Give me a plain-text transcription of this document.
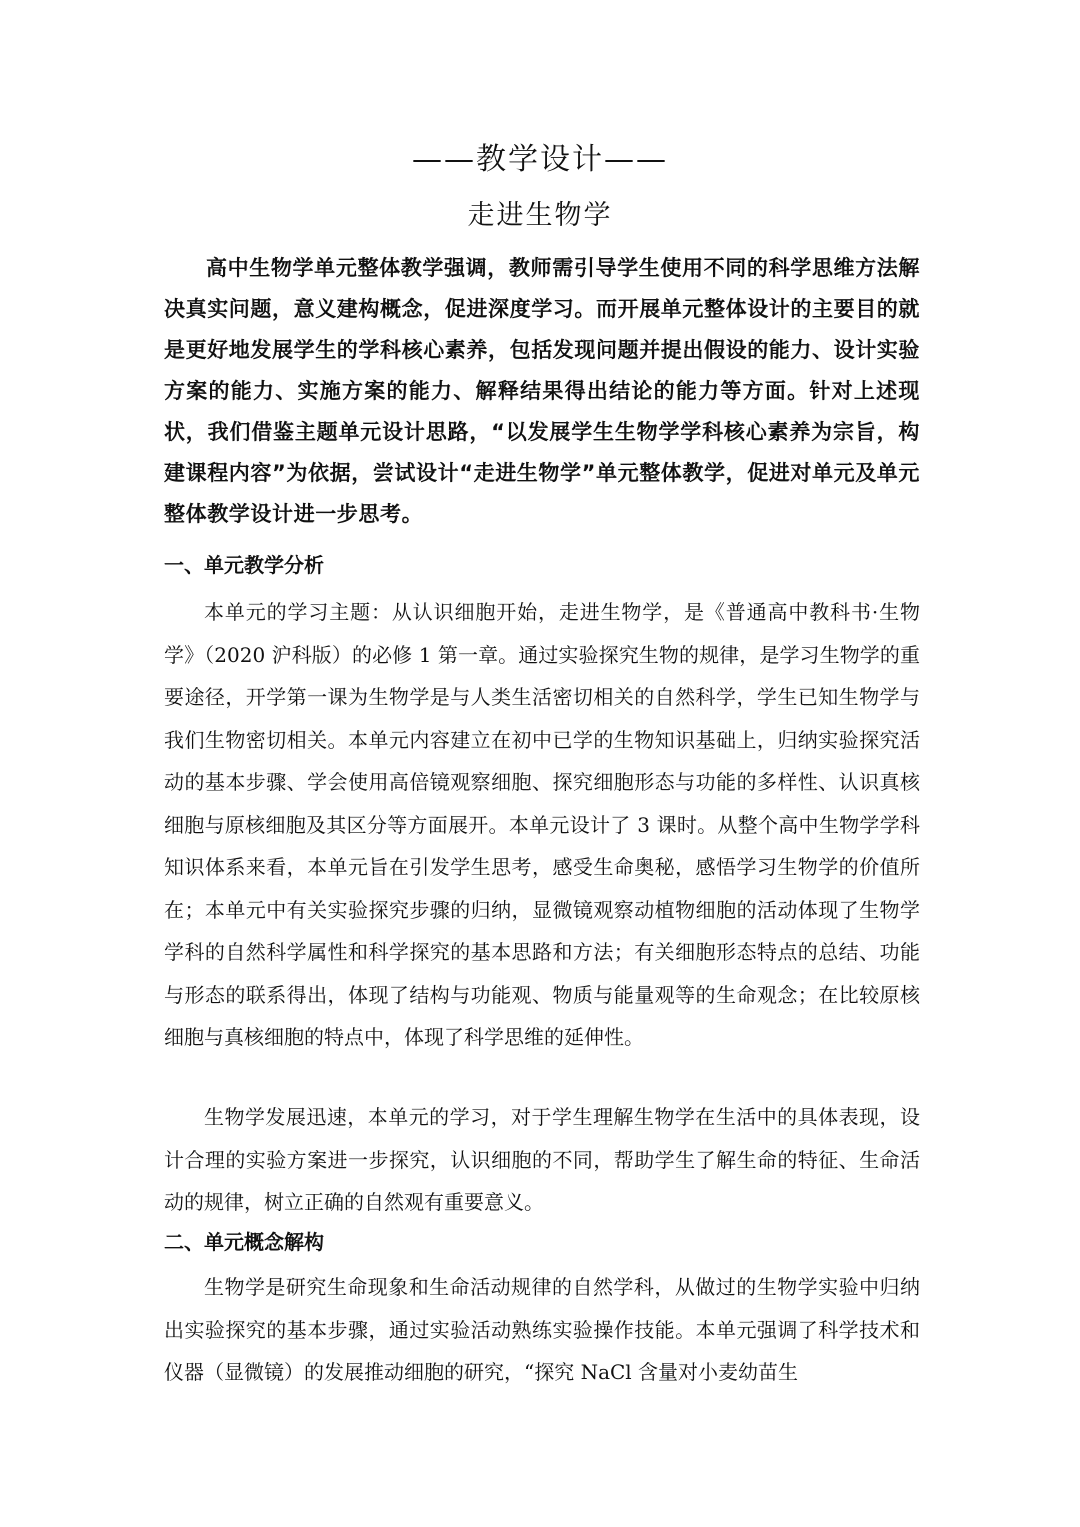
——教学设计——
走进生物学

高中生物学单元整体教学强调，教师需引导学生使用不同的科学思维方法解决真实问题，意义建构概念，促进深度学习。而开展单元整体设计的主要目的就是更好地发展学生的学科核心素养，包括发现问题并提出假设的能力、设计实验方案的能力、实施方案的能力、解释结果得出结论的能力等方面。针对上述现状，我们借鉴主题单元设计思路，“以发展学生生物学学科核心素养为宗旨，构建课程内容”为依据，尝试设计“走进生物学”单元整体教学，促进对单元及单元整体教学设计进一步思考。

一、单元教学分析

本单元的学习主题：从认识细胞开始，走进生物学，是《普通高中教科书·生物学》（2020 沪科版）的必修 1 第一章。通过实验探究生物的规律，是学习生物学的重要途径，开学第一课为生物学是与人类生活密切相关的自然科学，学生已知生物学与我们生物密切相关。本单元内容建立在初中已学的生物知识基础上，归纳实验探究活动的基本步骤、学会使用高倍镜观察细胞、探究细胞形态与功能的多样性、认识真核细胞与原核细胞及其区分等方面展开。本单元设计了 3 课时。从整个高中生物学学科知识体系来看，本单元旨在引发学生思考，感受生命奥秘，感悟学习生物学的价值所在；本单元中有关实验探究步骤的归纳，显微镜观察动植物细胞的活动体现了生物学学科的自然科学属性和科学探究的基本思路和方法；有关细胞形态特点的总结、功能与形态的联系得出，体现了结构与功能观、物质与能量观等的生命观念；在比较原核细胞与真核细胞的特点中，体现了科学思维的延伸性。

生物学发展迅速，本单元的学习，对于学生理解生物学在生活中的具体表现，设计合理的实验方案进一步探究，认识细胞的不同，帮助学生了解生命的特征、生命活动的规律，树立正确的自然观有重要意义。

二、单元概念解构

生物学是研究生命现象和生命活动规律的自然学科，从做过的生物学实验中归纳出实验探究的基本步骤，通过实验活动熟练实验操作技能。本单元强调了科学技术和仪器（显微镜）的发展推动细胞的研究，“探究 NaCl 含量对小麦幼苗生
